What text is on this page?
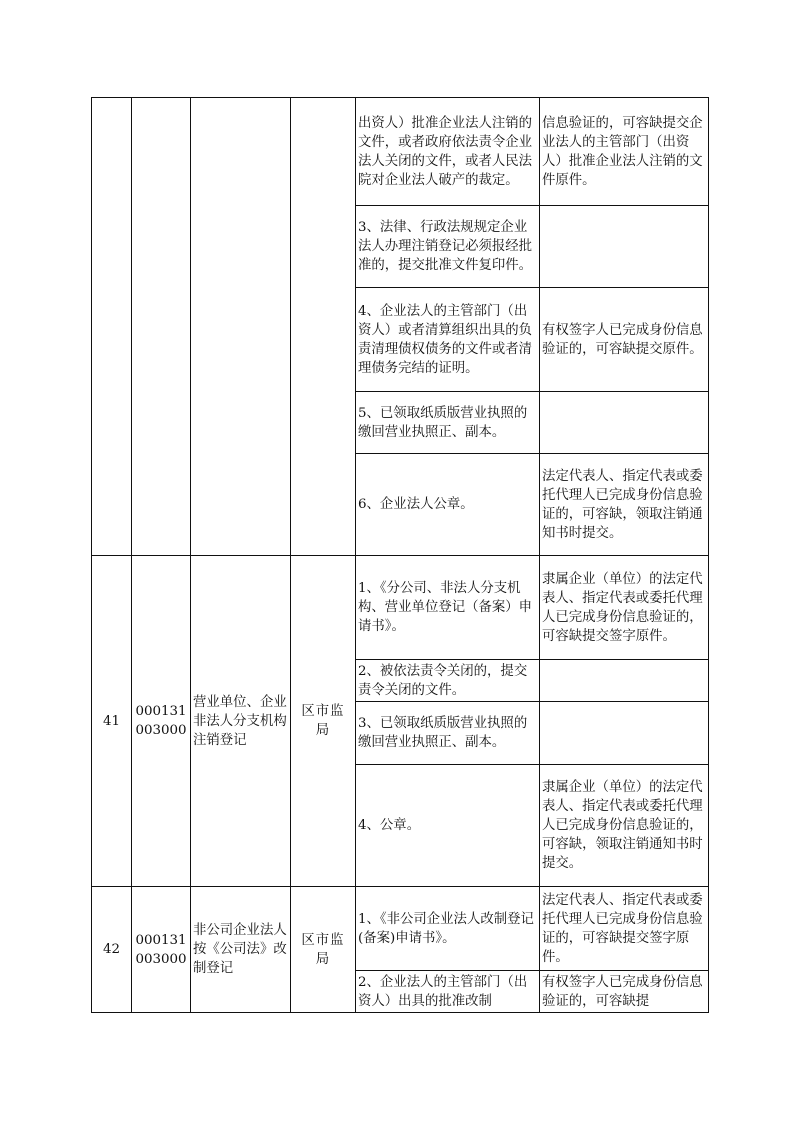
				出资人）批准企业法人注销的文件，或者政府依法责令企业法人关闭的文件，或者人民法院对企业法人破产的裁定。	信息验证的，可容缺提交企业法人的主管部门（出资人）批准企业法人注销的文件原件。
				3、法律、行政法规规定企业法人办理注销登记必须报经批准的，提交批准文件复印件。	
				4、企业法人的主管部门（出资人）或者清算组织出具的负责清理债权债务的文件或者清理债务完结的证明。	有权签字人已完成身份信息验证的，可容缺提交原件。
				5、已领取纸质版营业执照的缴回营业执照正、副本。	
				6、企业法人公章。	法定代表人、指定代表或委托代理人已完成身份信息验证的，可容缺，领取注销通知书时提交。
41	000131003000	营业单位、企业非法人分支机构注销登记	区市监局	1、《分公司、非法人分支机构、营业单位登记（备案）申请书》。	隶属企业（单位）的法定代表人、指定代表或委托代理人已完成身份信息验证的，可容缺提交签字原件。
				2、被依法责令关闭的，提交责令关闭的文件。	
				3、已领取纸质版营业执照的缴回营业执照正、副本。	
				4、公章。	隶属企业（单位）的法定代表人、指定代表或委托代理人已完成身份信息验证的，可容缺，领取注销通知书时提交。
42	000131003000	非公司企业法人按《公司法》改制登记	区市监局	1、《非公司企业法人改制登记(备案)申请书》。	法定代表人、指定代表或委托代理人已完成身份信息验证的，可容缺提交签字原件。
				2、企业法人的主管部门（出资人）出具的批准改制	有权签字人已完成身份信息验证的，可容缺提
